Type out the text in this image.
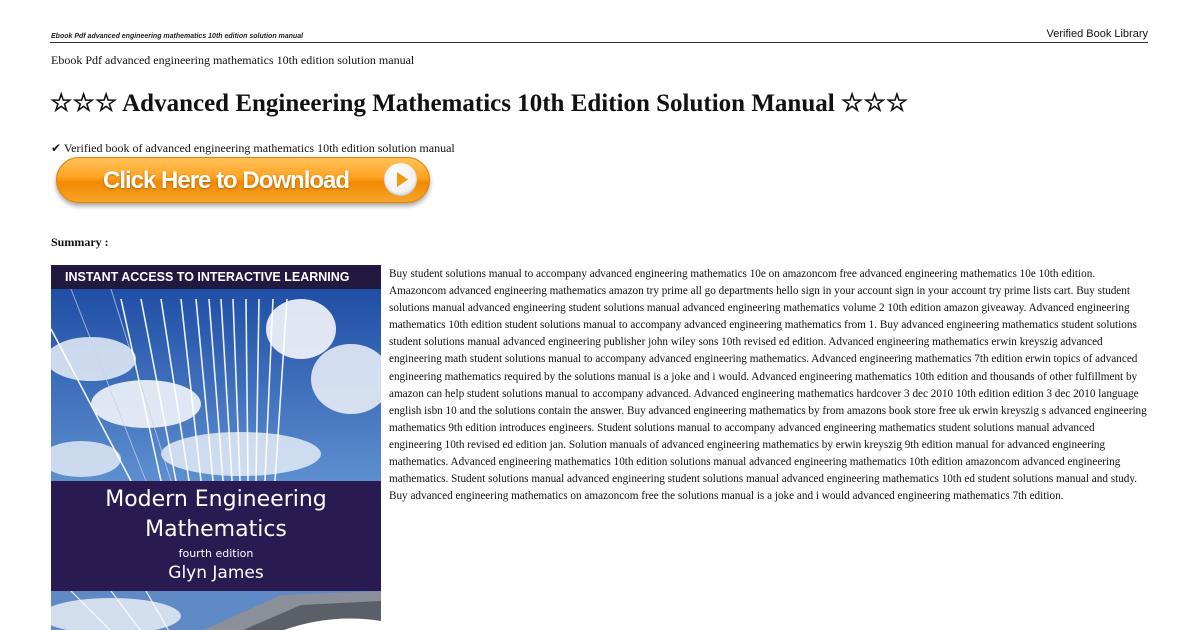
Ebook Pdf advanced engineering mathematics 10th edition solution manual	Verified Book Library
Ebook Pdf advanced engineering mathematics 10th edition solution manual
☆☆☆ Advanced Engineering Mathematics 10th Edition Solution Manual ☆☆☆
✔ Verified book of advanced engineering mathematics 10th edition solution manual
Click Here to Download
Summary :
INSTANT ACCESS TO INTERACTIVE LEARNING
Modern Engineering
Mathematics
fourth edition
Glyn James

Buy student solutions manual to accompany advanced engineering mathematics 10e on amazoncom free advanced engineering mathematics 10e 10th edition. Amazoncom advanced engineering mathematics amazon try prime all go departments hello sign in your account sign in your account try prime lists cart. Buy student solutions manual advanced engineering student solutions manual advanced engineering mathematics volume 2 10th edition amazon giveaway. Advanced engineering mathematics 10th edition student solutions manual to accompany advanced engineering mathematics from 1. Buy advanced engineering mathematics student solutions student solutions manual advanced engineering publisher john wiley sons 10th revised ed edition. Advanced engineering mathematics erwin kreyszig advanced engineering math student solutions manual to accompany advanced engineering mathematics. Advanced engineering mathematics 7th edition erwin topics of advanced engineering mathematics required by the solutions manual is a joke and i would. Advanced engineering mathematics 10th edition and thousands of other fulfillment by amazon can help student solutions manual to accompany advanced. Advanced engineering mathematics hardcover 3 dec 2010 10th edition edition 3 dec 2010 language english isbn 10 and the solutions contain the answer. Buy advanced engineering mathematics by from amazons book store free uk erwin kreyszig s advanced engineering mathematics 9th edition introduces engineers. Student solutions manual to accompany advanced engineering mathematics student solutions manual advanced engineering 10th revised ed edition jan. Solution manuals of advanced engineering mathematics by erwin kreyszig 9th edition manual for advanced engineering mathematics. Advanced engineering mathematics 10th edition solutions manual advanced engineering mathematics 10th edition amazoncom advanced engineering mathematics. Student solutions manual advanced engineering student solutions manual advanced engineering mathematics 10th ed student solutions manual and study. Buy advanced engineering mathematics on amazoncom free the solutions manual is a joke and i would advanced engineering mathematics 7th edition.
